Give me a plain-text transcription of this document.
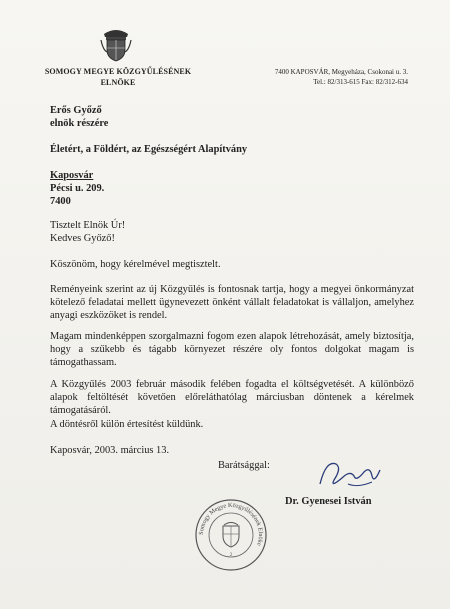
SOMOGY MEGYE KÖZGYŰLÉSÉNEK
ELNÖKE
7400 KAPOSVÁR, Megyeháza, Csokonai u. 3.
Tel.: 82/313-615 Fax: 82/312-634
Erős Győző
elnök részére
Életért, a Földért, az Egészségért Alapítvány
Kaposvár
Pécsi u. 209.
7400
Tisztelt Elnök Úr!
Kedves Győző!
Köszönöm, hogy kérelmével megtisztelt.
Reményeink szerint az új Közgyűlés is fontosnak tartja, hogy a megyei önkormányzat kötelező feladatai mellett ügynevezett önként vállalt feladatokat is vállaljon, amelyhez anyagi eszközöket is rendel.
Magam mindenképpen szorgalmazni fogom ezen alapok létrehozását, amely biztosítja, hogy a szűkebb és tágabb környezet részére oly fontos dolgokat magam is támogathassam.
A Közgyűlés 2003 február második felében fogadta el költségvetését. A különböző alapok feltöltését követően előreláthatólag márciusban döntenek a kérelmek támogatásáról.
A döntésről külön értesítést küldünk.
Kaposvár, 2003. március 13.
Barátsággal:
Dr. Gyenesei István
Somogy Megye Közgyűlésének Elnöke
2
